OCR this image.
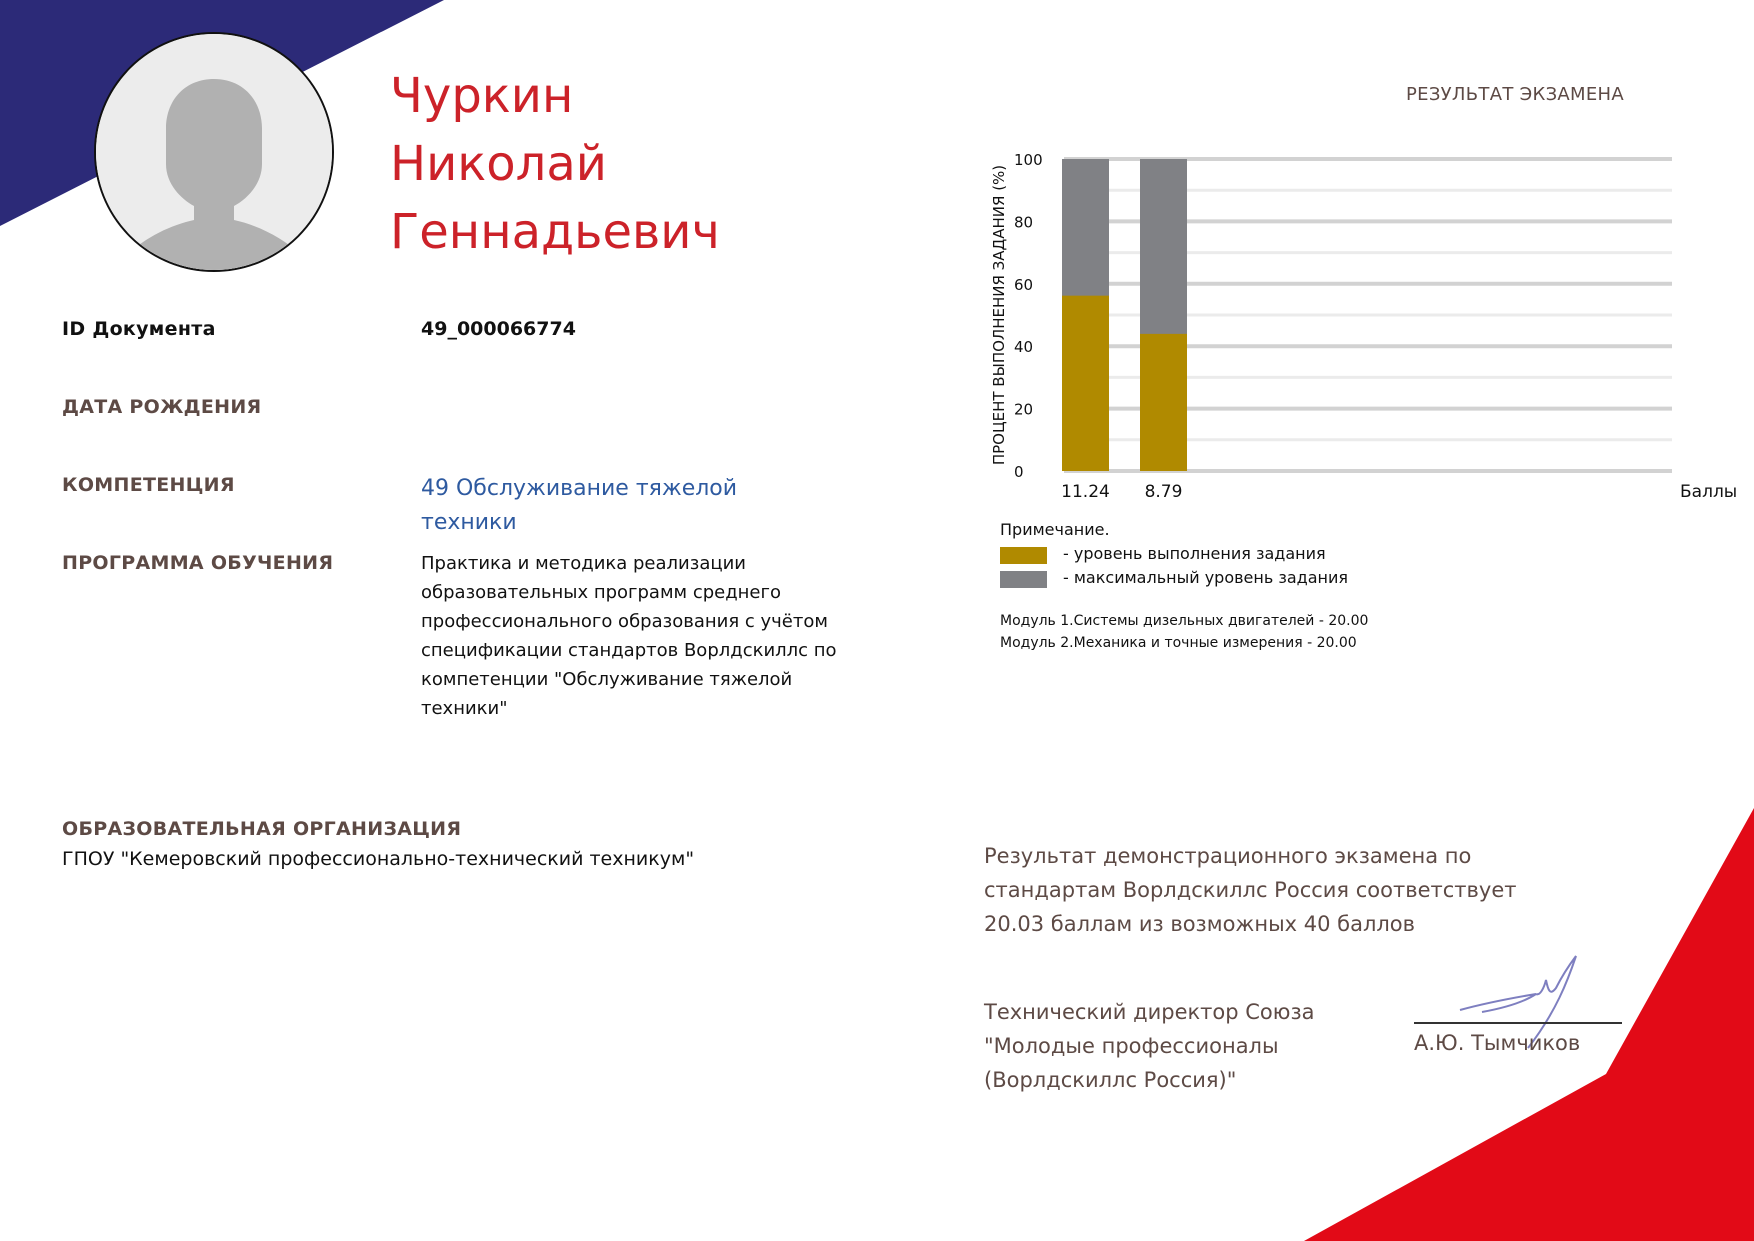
Чуркин
Николай
Геннадьевич
ID Документа	49_000066774
ДАТА РОЖДЕНИЯ
КОМПЕТЕНЦИЯ	49 Обслуживание тяжелой техники
ПРОГРАММА ОБУЧЕНИЯ	Практика и методика реализации образовательных программ среднего профессионального образования с учётом спецификации стандартов Ворлдскиллс по компетенции "Обслуживание тяжелой техники"
ОБРАЗОВАТЕЛЬНАЯ ОРГАНИЗАЦИЯ
ГПОУ "Кемеровский профессионально-технический техникум"
РЕЗУЛЬТАТ ЭКЗАМЕНА
0
20
40
60
80
100
ПРОЦЕНТ ВЫПОЛНЕНИЯ ЗАДАНИЯ (%)
11.24 8.79	Баллы
Примечание.
- уровень выполнения задания
- максимальный уровень задания
Модуль 1.Системы дизельных двигателей - 20.00
Модуль 2.Механика и точные измерения - 20.00
Результат демонстрационного экзамена по стандартам Ворлдскиллс Россия соответствует 20.03 баллам из возможных 40 баллов
Технический директор Союза "Молодые профессионалы (Ворлдскиллс Россия)"
А.Ю. Тымчиков
